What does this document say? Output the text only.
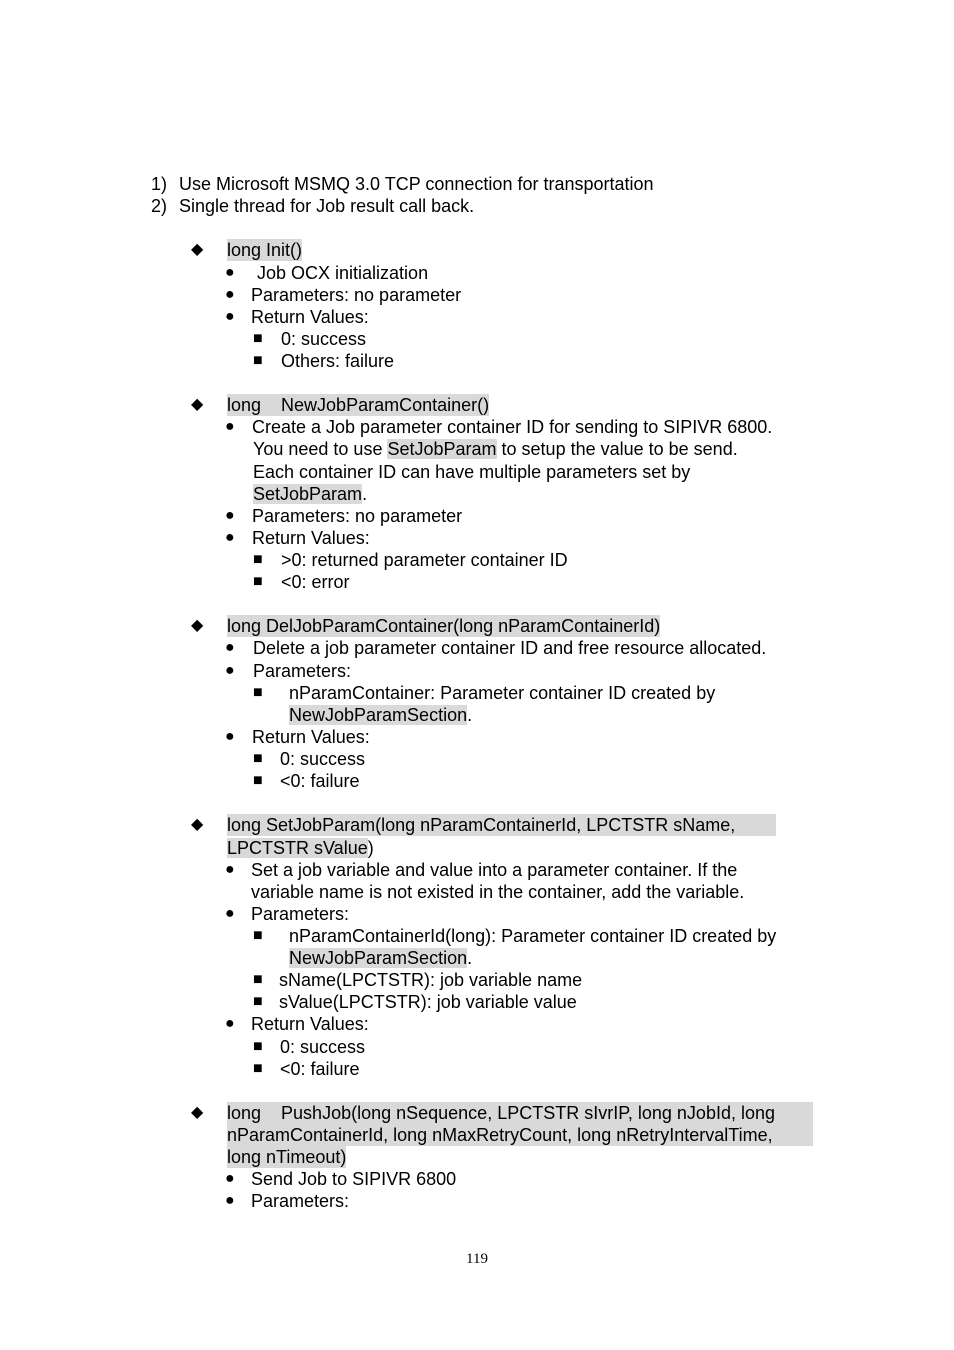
1) Use Microsoft MSMQ 3.0 TCP connection for transportation
2) Single thread for Job result call back.
◆ long Init()
● Job OCX initialization
● Parameters: no parameter
● Return Values:
■ 0: success
■ Others: failure
◆ long    NewJobParamContainer()
● Create a Job parameter container ID for sending to SIPIVR 6800.
You need to use SetJobParam to setup the value to be send.
Each container ID can have multiple parameters set by
SetJobParam.
● Parameters: no parameter
● Return Values:
■ >0: returned parameter container ID
■ <0: error
◆ long DelJobParamContainer(long nParamContainerId)
● Delete a job parameter container ID and free resource allocated.
● Parameters:
■ nParamContainer: Parameter container ID created by
NewJobParamSection.
● Return Values:
■ 0: success
■ <0: failure
◆ long SetJobParam(long nParamContainerId, LPCTSTR sName,
LPCTSTR sValue)
● Set a job variable and value into a parameter container. If the
variable name is not existed in the container, add the variable.
● Parameters:
■ nParamContainerId(long): Parameter container ID created by
NewJobParamSection.
■ sName(LPCTSTR): job variable name
■ sValue(LPCTSTR): job variable value
● Return Values:
■ 0: success
■ <0: failure
◆ long    PushJob(long nSequence, LPCTSTR sIvrIP, long nJobId, long
nParamContainerId, long nMaxRetryCount, long nRetryIntervalTime,
long nTimeout)
● Send Job to SIPIVR 6800
● Parameters:
119
